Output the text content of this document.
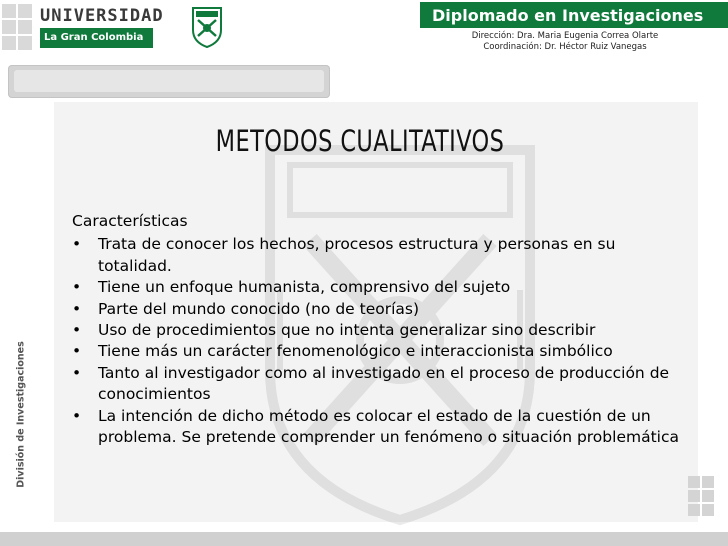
UNIVERSIDAD
La Gran Colombia
Diplomado en Investigaciones
Dirección: Dra. Maria Eugenia Correa Olarte
Coordinación: Dr. Héctor Ruiz Vanegas
División de Investigaciones
METODOS CUALITATIVOS
Características
• Trata de conocer los hechos, procesos estructura y personas en su totalidad.
• Tiene un enfoque humanista, comprensivo del sujeto
• Parte del mundo conocido (no de teorías)
• Uso de procedimientos que no intenta generalizar sino describir
• Tiene más un carácter fenomenológico e interaccionista simbólico
• Tanto al investigador como al investigado en el proceso de producción de conocimientos
• La intención de dicho método es colocar el estado de la cuestión de un problema. Se pretende comprender un fenómeno o situación problemática
